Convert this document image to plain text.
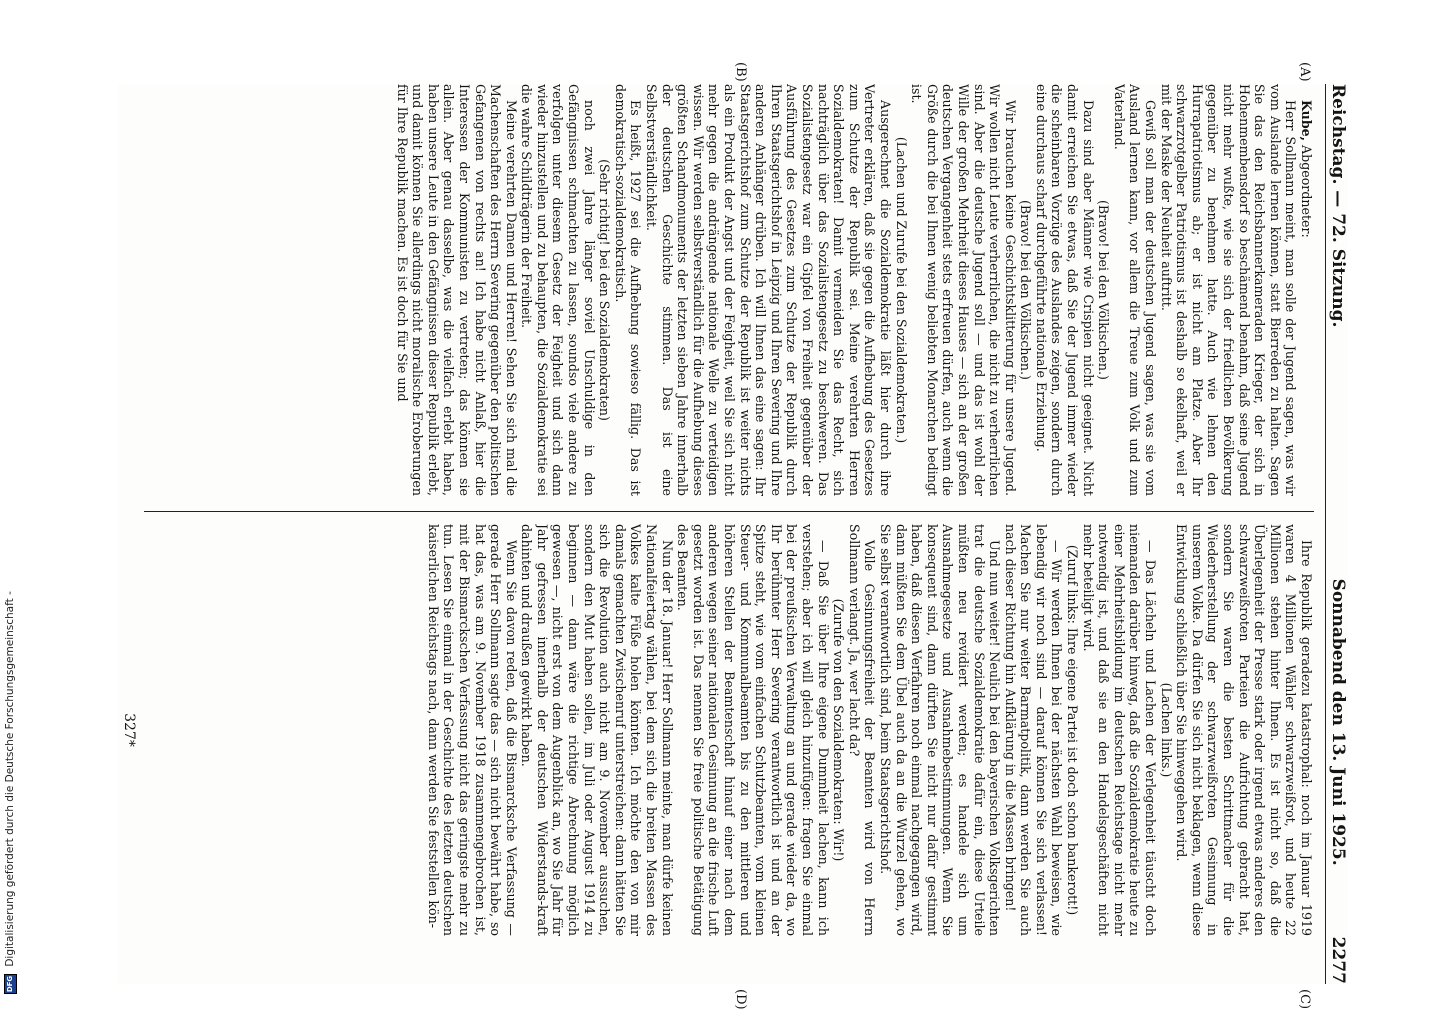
Reichstag. — 72. Sitzung.
Sonnabend den 13. Juni 1925.            2277
(A)
(B)
(C)
(D)

Kube, Abgeordneter:

Herr Sollmann meint, man solle der Jugend sagen, was wir vom Auslande lernen können, statt Bierreden zu halten. Sagen Sie das den Reichsbannerkameraden Krieger, der sich in Hohenmembensdorf so beschämend benahm, daß seine Jugend nicht mehr wußte, wie sie sich der friedlichen Bevölkerung gegenüber zu benehmen hatte. Auch wie lehnen den Hurrapatriotismus ab; er ist nicht am Platze. Aber Ihr schwarzrotgelber Patriotismus ist deshalb so ekelhaft, weil er mit der Maske der Neuheit auftritt.

Gewiß soll man der deutschen Jugend sagen, was sie vom Ausland lernen kann, vor allem die Treue zum Volk und zum Vaterland.

(Bravo! bei den Völkischen.)

Dazu sind aber Männer wie Crispien nicht geeignet. Nicht damit erreichen Sie etwas, daß Sie der Jugend immer wieder die scheinbaren Vorzüge des Auslandes zeigen, sondern durch eine durchaus scharf durchgeführte nationale Erziehung.

(Bravo! bei den Völkischen.)

Wir brauchen keine Geschichtsklitterung für unsere Jugend. Wir wollen nicht Leute verherrlichen, die nicht zu verherrlichen sind. Aber die deutsche Jugend soll — und das ist wohl der Wille der großen Mehrheit dieses Hauses — sich an der großen deutschen Vergangenheit stets erfreuen dürfen, auch wenn die Größe durch die bei Ihnen wenig beliebten Monarchen bedingt ist.

(Lachen und Zurufe bei den Sozialdemokraten.)

Ausgerechnet die Sozialdemokratie läßt hier durch ihre Vertreter erklären, daß sie gegen die Aufhebung des Gesetzes zum Schutze der Republik sei. Meine verehrten Herren Sozialdemokraten! Damit vermeiden Sie das Recht, sich nachträglich über das Sozialistengesetz zu beschweren. Das Sozialistengesetz war ein Gipfel von Freiheit gegenüber der Ausführung des Gesetzes zum Schutze der Republik durch Ihren Staatsgerichtshof in Leipzig und Ihren Severing und Ihre anderen Anhänger drüben. Ich will Ihnen das eine sagen: Ihr Staatsgerichtshof zum Schutze der Republik ist weiter nichts als ein Produkt der Angst und der Feigheit, weil Sie sich nicht mehr gegen die andrängende nationale Welle zu verteidigen wissen. Wir werden selbstverständlich für die Aufhebung dieses größten Schandmonuments der letzten sieben Jahre innerhalb der deutschen Geschichte stimmen. Das ist eine Selbstverständlichkeit.

Es heißt, 1927 sei die Aufhebung sowieso fällig. Das ist demokratisch-sozialdemokratisch.

(Sehr richtig! bei den Sozialdemokraten)

noch zwei Jahre länger soviel Unschuldige in den Gefängnissen schmachten zu lassen, soundso viele andere zu verfolgen unter diesem Gesetz der Feigheit und sich dann wieder hinzustellen und zu behaupten, die Sozialdemokratie sei die wahre Schildträgerin der Freiheit.

Meine verehrten Damen und Herren! Sehen Sie sich mal die Machenschaften des Herrn Severing gegenüber den politischen Gefangenen von rechts an! Ich habe nicht Anlaß, hier die Interessen der Kommunisten zu vertreten; das können sie allein. Aber genau dasselbe, was die vielfach erlebt haben, haben unsere Leute in den Gefängnissen dieser Republik erlebt, und damit können Sie allerdings nicht moralische Eroberungen für Ihre Republik machen. Es ist doch für Sie und

Ihre Republik geradezu katastrophal: noch im Januar 1919 waren 4 Millionen Wähler schwarzweißrot, und heute 22 Millionen stehen hinter Ihnen. Es ist nicht so, daß die Überlegenheit der Presse stark oder irgend etwas anderes den schwarzweißroten Parteien die Aufrichtung gebracht hat, sondern Sie waren die besten Schrittmacher für die Wiederherstellung der schwarzweißroten Gesinnung in unserem Volke. Da dürfen Sie sich nicht beklagen, wenn diese Entwicklung schließlich über Sie hinweggehen wird.

(Lachen links.)

— Das Lächeln und Lachen der Verlegenheit täuscht doch niemanden darüber hinweg, daß die Sozialdemokratie heute zu einer Mehrheitsbildung im deutschen Reichstage nicht mehr notwendig ist, und daß sie an den Handelsgeschäften nicht mehr beteiligt wird.

(Zuruf links: Ihre eigene Partei ist doch schon bankerott!)

— Wir werden Ihnen bei der nächsten Wahl beweisen, wie lebendig wir noch sind — darauf können Sie sich verlassen! Machen Sie nur weiter Barmatpolitik, dann werden Sie auch nach dieser Richtung hin Aufklärung in die Massen bringen!

Und nun weiter! Neulich bei den bayerischen Volksgerichten trat die deutsche Sozialdemokratie dafür ein, diese Urteile müßten neu revidiert werden; es handele sich um Ausnahmegesetze und Ausnahmebestimmungen. Wenn Sie konsequent sind, dann dürften Sie nicht nur dafür gestimmt haben, daß diesen Verfahren noch einmal nachgegangen wird, dann müßten Sie dem Übel auch da an die Wurzel gehen, wo Sie selbst verantwortlich sind, beim Staatsgerichtshof.

Volle Gesinnungsfreiheit der Beamten wird von Herrn Sollmann verlangt. Ja, wer lacht da?

(Zurufe von den Sozialdemokraten: Wir!)

— Daß Sie über Ihre eigene Dummheit lachen, kann ich verstehen; aber ich will gleich hinzufügen: fragen Sie einmal bei der preußischen Verwaltung an und gerade wieder da, wo Ihr berühmter Herr Severing verantwortlich ist und an der Spitze steht, wie vom einfachen Schutzbeamten, vom kleinen Steuer- und Kommunalbeamten bis zu den mittleren und höheren Stellen der Beamtenschaft hinauf einer nach dem anderen wegen seiner nationalen Gesinnung an die frische Luft gesetzt worden ist. Das nennen Sie freie politische Betätigung des Beamten.

Nun der 18. Januar! Herr Sollmann meinte, man dürfe keinen Nationalfeiertag wählen, bei dem sich die breiten Massen des Volkes kalte Füße holen könnten. Ich möchte den von mir damals gemachten Zwischenruf unterstreichen: dann hätten Sie sich die Revolution auch nicht am 9. November aussuchen, sondern den Mut haben sollen, im Juli oder August 1914 zu beginnen — dann wäre die richtige Abrechnung möglich gewesen —, nicht erst von dem Augenblick an, wo Sie Jahr für Jahr gefressen innerhalb der deutschen Widerstands-kraft dahinten und draußen gewirkt haben.

Wenn Sie davon reden, daß die Bismarcksche Verfassung — gerade Herr Sollmann sagte das — sich nicht bewährt habe, so hat das, was am 9. November 1918 zusammengebrochen ist, mit der Bismarckschen Verfassung nicht das geringste mehr zu tun. Lesen Sie einmal in der Geschichte des letzten deutschen kaiserlichen Reichstags nach, dann werden Sie feststellen kön-

327*
DFG Digitalisierung gefördert durch die Deutsche Forschungsgemeinschaft -
